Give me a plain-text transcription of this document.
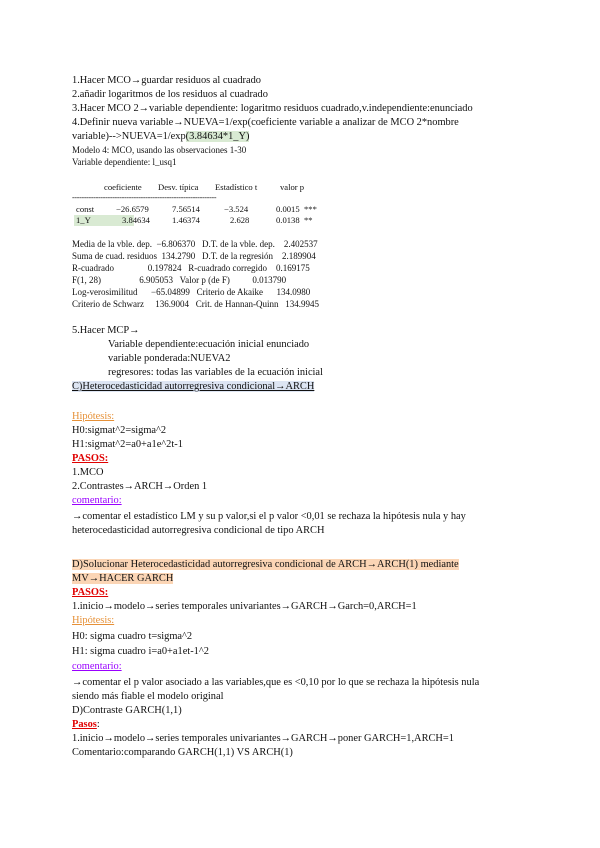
1.Hacer MCO→guardar residuos al cuadrado
2.añadir logaritmos de los residuos al cuadrado
3.Hacer MCO 2→variable dependiente: logaritmo residuos cuadrado,v.independiente:enunciado
4.Definir nueva variable→NUEVA=1/exp(coeficiente variable a analizar de MCO 2*nombre
variable)-->NUEVA=1/exp(3.84634*1_Y)
Modelo 4: MCO, usando las observaciones 1-30
Variable dependiente: l_usq1
coeficiente Desv. típica Estadístico t	valor p
-------------------------------------------------------------
const	−26.6579	7.56514	−3.524	0.0015 ***
1_Y	3.84634	1.46374	2.628	0.0138 **
Media de la vble. dep.  −6.806370   D.T. de la vble. dep.    2.402537
Suma de cuad. residuos  134.2790   D.T. de la regresión    2.189904
R-cuadrado               0.197824   R-cuadrado corregido    0.169175
F(1, 28)                 6.905053   Valor p (de F)          0.013790
Log-verosimilitud      −65.04899   Criterio de Akaike      134.0980
Criterio de Schwarz     136.9004   Crit. de Hannan-Quinn   134.9945
5.Hacer MCP→
Variable dependiente:ecuación inicial enunciado
variable ponderada:NUEVA2
regresores: todas las variables de la ecuación inicial
C)Heterocedasticidad autorregresiva condicional→ARCH
Hipótesis:
H0:sigmat^2=sigma^2
H1:sigmat^2=a0+a1e^2t-1
PASOS:
1.MCO
2.Contrastes→ARCH→Orden 1
comentario:
→comentar el estadístico LM y su p valor,si el p valor <0,01 se rechaza la hipótesis nula y hay
heterocedasticidad autorregresiva condicional de tipo ARCH
D)Solucionar Heterocedasticidad autorregresiva condicional de ARCH→ARCH(1) mediante
MV→HACER GARCH
PASOS:
1.inicio→modelo→series temporales univariantes→GARCH→Garch=0,ARCH=1
Hipótesis:
H0: sigma cuadro t=sigma^2
H1: sigma cuadro i=a0+a1et-1^2
comentario:
→comentar el p valor asociado a las variables,que es <0,10 por lo que se rechaza la hipótesis nula
siendo más fiable el modelo original
D)Contraste GARCH(1,1)
Pasos:
1.inicio→modelo→series temporales univariantes→GARCH→poner GARCH=1,ARCH=1
Comentario:comparando GARCH(1,1) VS ARCH(1)
